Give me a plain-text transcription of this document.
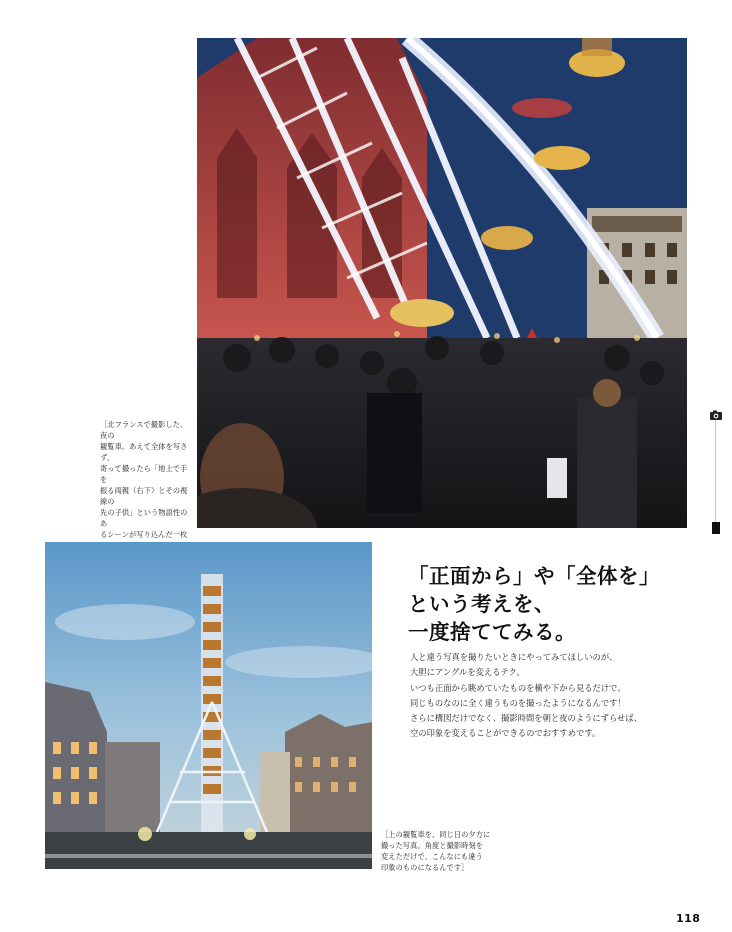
［北フランスで撮影した、夜の
観覧車。あえて全体を写さず、
寄って撮ったら「地上で手を
振る両親（右下）とその視線の
先の子供」という物語性のあ
るシーンが写り込んだ一枚

［上の観覧車を、同じ日の夕方に
撮った写真。角度と撮影時刻を
変えただけで、こんなにも違う
印象のものになるんです］
「正面から」や「全体を」
という考えを、
一度捨ててみる。
人と違う写真を撮りたいときにやってみてほしいのが、
大胆にアングルを変えるテク。
いつも正面から眺めていたものを横や下から見るだけで、
同じものなのに全く違うものを撮ったようになるんです！
さらに構図だけでなく、撮影時間を朝と夜のようにずらせば、
空の印象を変えることができるのでおすすめです。
118
